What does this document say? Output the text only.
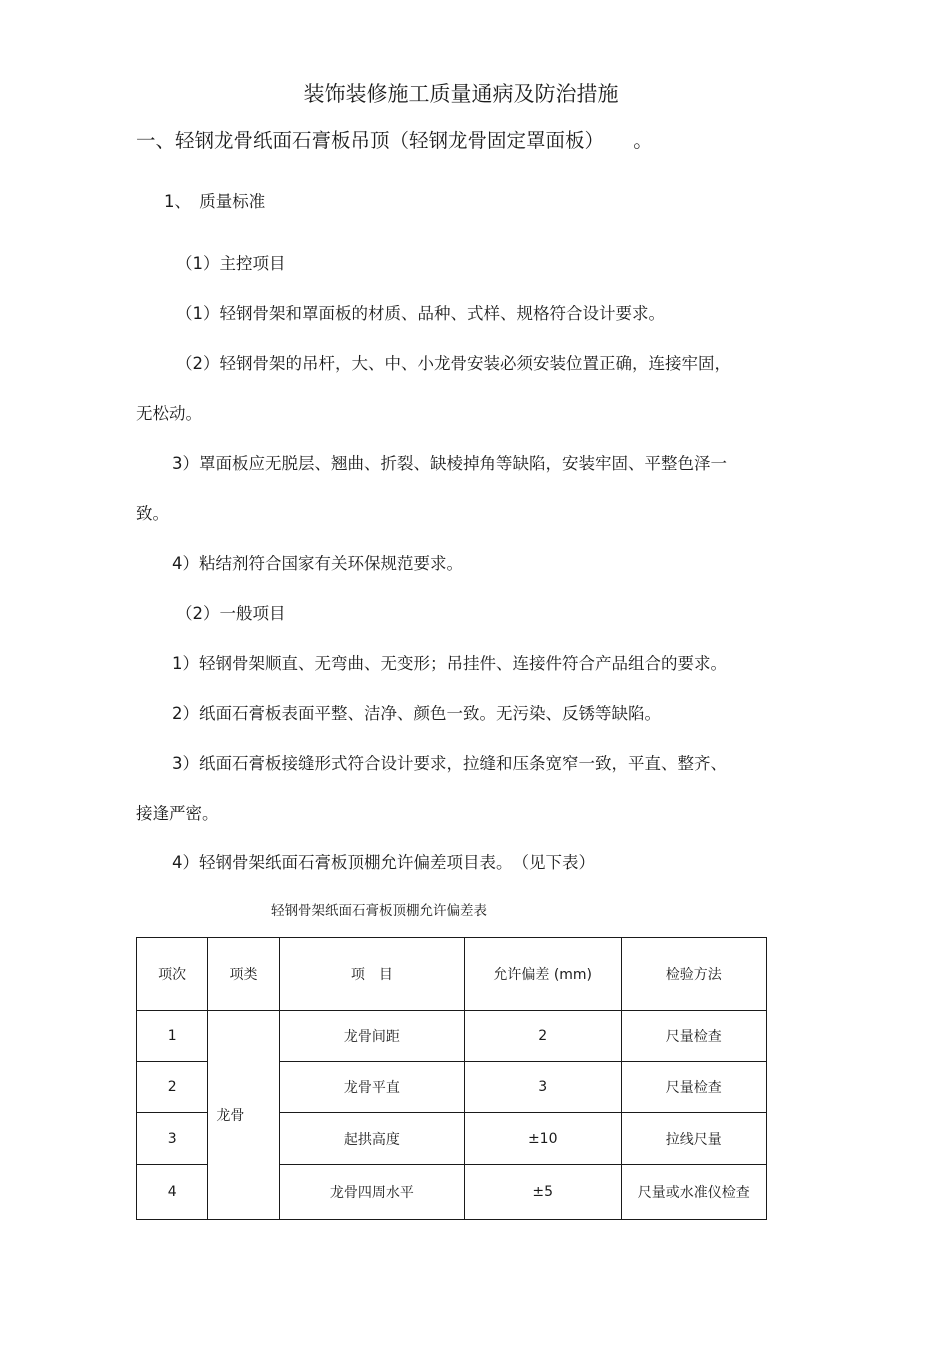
装饰装修施工质量通病及防治措施
一、轻钢龙骨纸面石膏板吊顶（轻钢龙骨固定罩面板）　　。
1、　质量标准
（1）主控项目
（1）轻钢骨架和罩面板的材质、品种、式样、规格符合设计要求。
（2）轻钢骨架的吊杆，大、中、小龙骨安装必须安装位置正确，连接牢固，
无松动。
3）罩面板应无脱层、翘曲、折裂、缺棱掉角等缺陷，安装牢固、平整色泽一
致。
4）粘结剂符合国家有关环保规范要求。
（2）一般项目
1）轻钢骨架顺直、无弯曲、无变形；吊挂件、连接件符合产品组合的要求。
2）纸面石膏板表面平整、洁净、颜色一致。无污染、反锈等缺陷。
3）纸面石膏板接缝形式符合设计要求，拉缝和压条宽窄一致，平直、整齐、
接逢严密。
4）轻钢骨架纸面石膏板顶棚允许偏差项目表。　（见下表）
轻钢骨架纸面石膏板顶棚允许偏差表
项次	项类	项　目	允许偏差 (mm)	检验方法
1	龙骨	龙骨间距	2	尺量检查
2		龙骨平直	3	尺量检查
3		起拱高度	±10	拉线尺量
4		龙骨四周水平	±5	尺量或水准仪检查
